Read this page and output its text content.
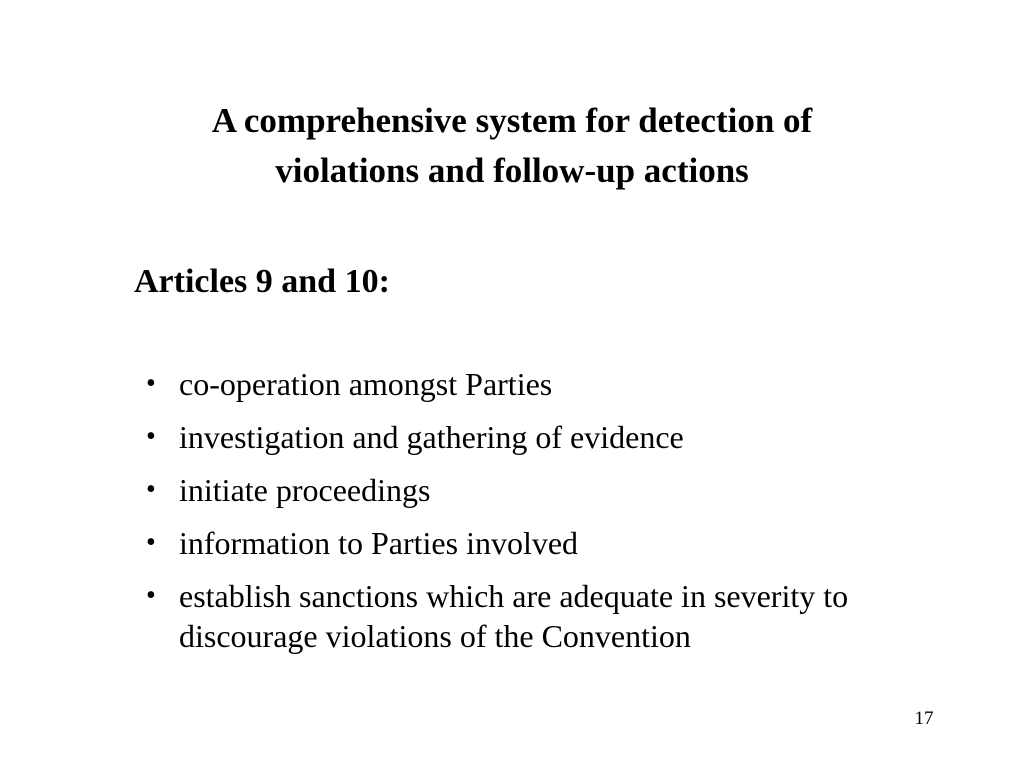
A comprehensive system for detection of
violations and follow-up actions
Articles 9 and 10:
• co-operation amongst Parties
• investigation and gathering of evidence
• initiate proceedings
• information to Parties involved
• establish sanctions which are adequate in severity to discourage violations of the Convention
17
